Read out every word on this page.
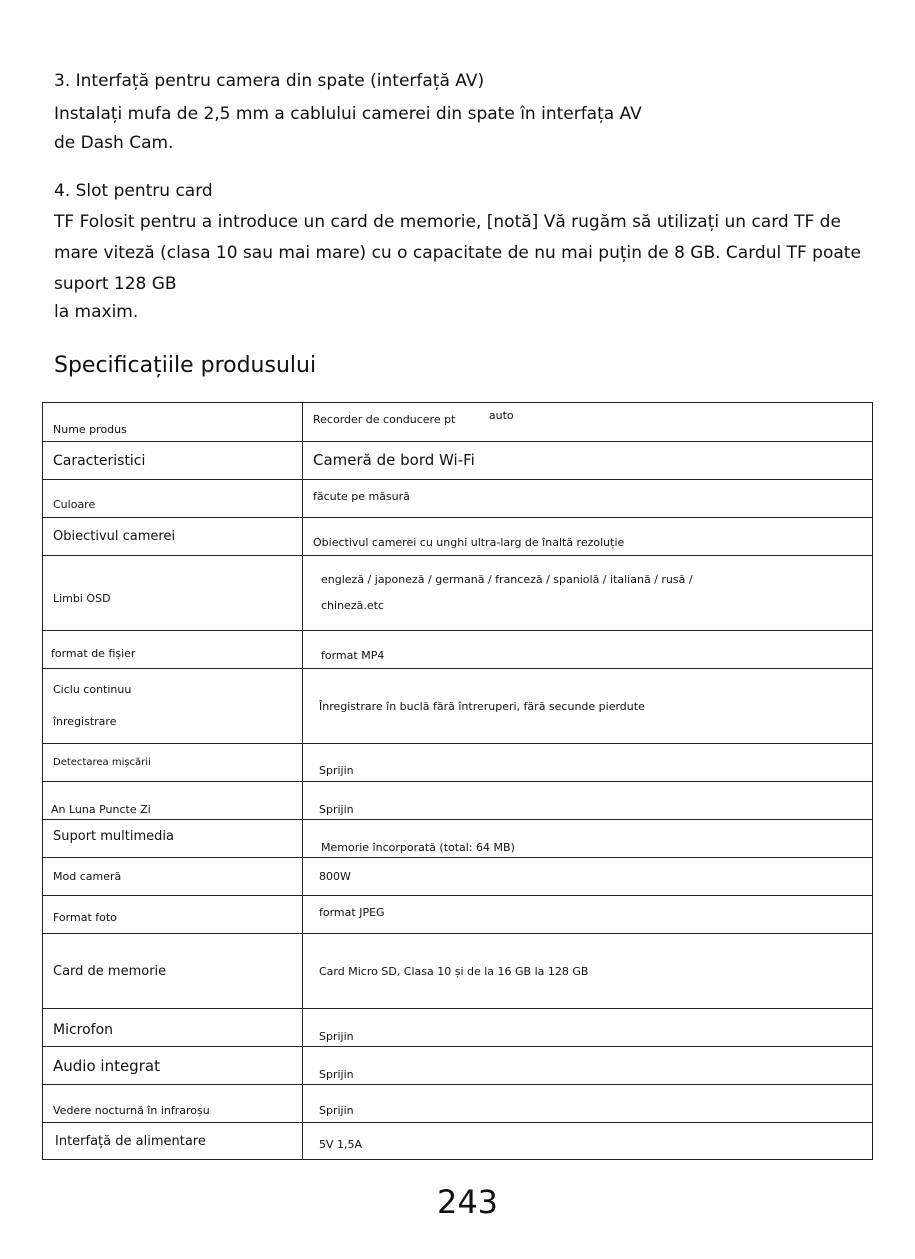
3. Interfață pentru camera din spate (interfață AV)

Instalați mufa de 2,5 mm a cablului camerei din spate în interfața AV

de Dash Cam.

4. Slot pentru card

TF Folosit pentru a introduce un card de memorie, [notă] Vă rugăm să utilizați un card TF de

mare viteză (clasa 10 sau mai mare) cu o capacitate de nu mai puțin de 8 GB. Cardul TF poate

suport 128 GB

la maxim.

Specificațiile produsului
Nume produs	Recorder de conducere pt auto
Caracteristici	Cameră de bord Wi-Fi
Culoare	făcute pe măsură
Obiectivul camerei	Obiectivul camerei cu unghi ultra-larg de înaltă rezoluție
Limbi OSD	engleză / japoneză / germană / franceză / spaniolă / italiană / rusă /
chineză.etc

format de fișier	format MP4

Ciclu continuu
înregistrare	Înregistrare în buclă fără întreruperi, fără secunde pierdute
Detectarea mișcării	Sprijin
An Luna Puncte Zi	Sprijin
Suport multimedia	Memorie încorporată (total: 64 MB)
Mod cameră	800W
Format foto	format JPEG
Card de memorie	Card Micro SD, Clasa 10 și de la 16 GB la 128 GB
Microfon	Sprijin
Audio integrat	Sprijin
Vedere nocturnă în infraroșu	Sprijin
Interfață de alimentare	5V 1,5A
243
